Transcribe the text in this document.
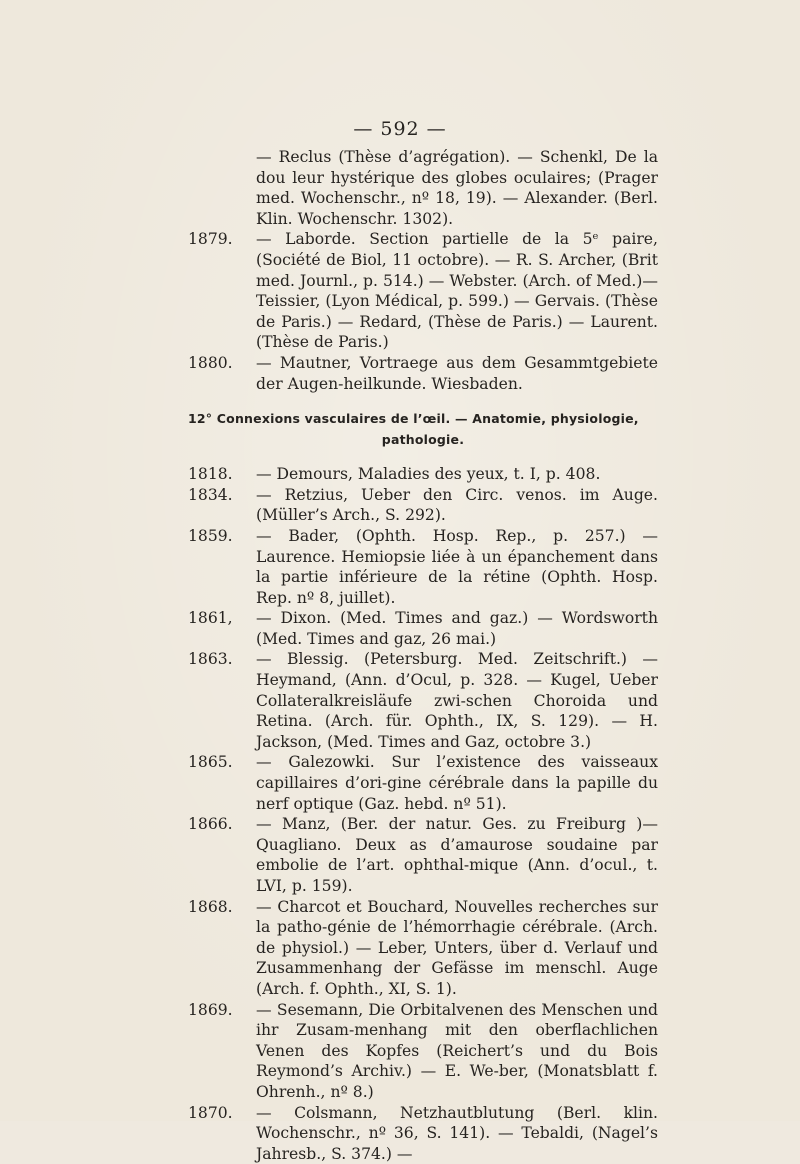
— 592 —
— Reclus (Thèse d’agrégation). — Schenkl, De la dou leur hystérique des globes oculaires; (Prager med. Wochenschr., nº 18, 19). — Alexander. (Berl. Klin. Wochenschr. 1302).
1879.	— Laborde. Section partielle de la 5ᵉ paire, (Société de Biol, 11 octobre). — R. S. Archer, (Brit med. Journl., p. 514.) — Webster. (Arch. of Med.)— Teissier, (Lyon Médical, p. 599.) — Gervais. (Thèse de Paris.) — Redard, (Thèse de Paris.) — Laurent. (Thèse de Paris.)
1880.	— Mautner, Vortraege aus dem Gesammtgebiete der Augen-heilkunde. Wiesbaden.
12° Connexions vasculaires de l’œil. — Anatomie, physiologie,
pathologie.
1818.	— Demours, Maladies des yeux, t. I, p. 408.
1834.	— Retzius, Ueber den Circ. venos. im Auge. (Müller’s Arch., S. 292).
1859.	— Bader, (Ophth. Hosp. Rep., p. 257.) — Laurence. Hemiopsie liée à un épanchement dans la partie inférieure de la rétine (Ophth. Hosp. Rep. nº 8, juillet).
1861,	— Dixon. (Med. Times and gaz.) — Wordsworth (Med. Times and gaz, 26 mai.)
1863.	— Blessig. (Petersburg. Med. Zeitschrift.) — Heymand, (Ann. d’Ocul, p. 328. — Kugel, Ueber Collateralkreisläufe zwi-schen Choroida und Retina. (Arch. für. Ophth., IX, S. 129). — H. Jackson, (Med. Times and Gaz, octobre 3.)
1865.	— Galezowki. Sur l’existence des vaisseaux capillaires d’ori-gine cérébrale dans la papille du nerf optique (Gaz. hebd. nº 51).
1866.	— Manz, (Ber. der natur. Ges. zu Freiburg )—Quagliano. Deux as d’amaurose soudaine par embolie de l’art. ophthal-mique (Ann. d’ocul., t. LVI, p. 159).
1868.	— Charcot et Bouchard, Nouvelles recherches sur la patho-génie de l’hémorrhagie cérébrale. (Arch. de physiol.) — Leber, Unters, über d. Verlauf und Zusammenhang der Gefässe im menschl. Auge (Arch. f. Ophth., XI, S. 1).
1869.	— Sesemann, Die Orbitalvenen des Menschen und ihr Zusam-menhang mit den oberflachlichen Venen des Kopfes (Reichert’s und du Bois Reymond’s Archiv.) — E. We-ber, (Monatsblatt f. Ohrenh., nº 8.)
1870.	— Colsmann, Netzhautblutung (Berl. klin. Wochenschr., nº 36, S. 141). — Tebaldi, (Nagel’s Jahresb., S. 374.) —
